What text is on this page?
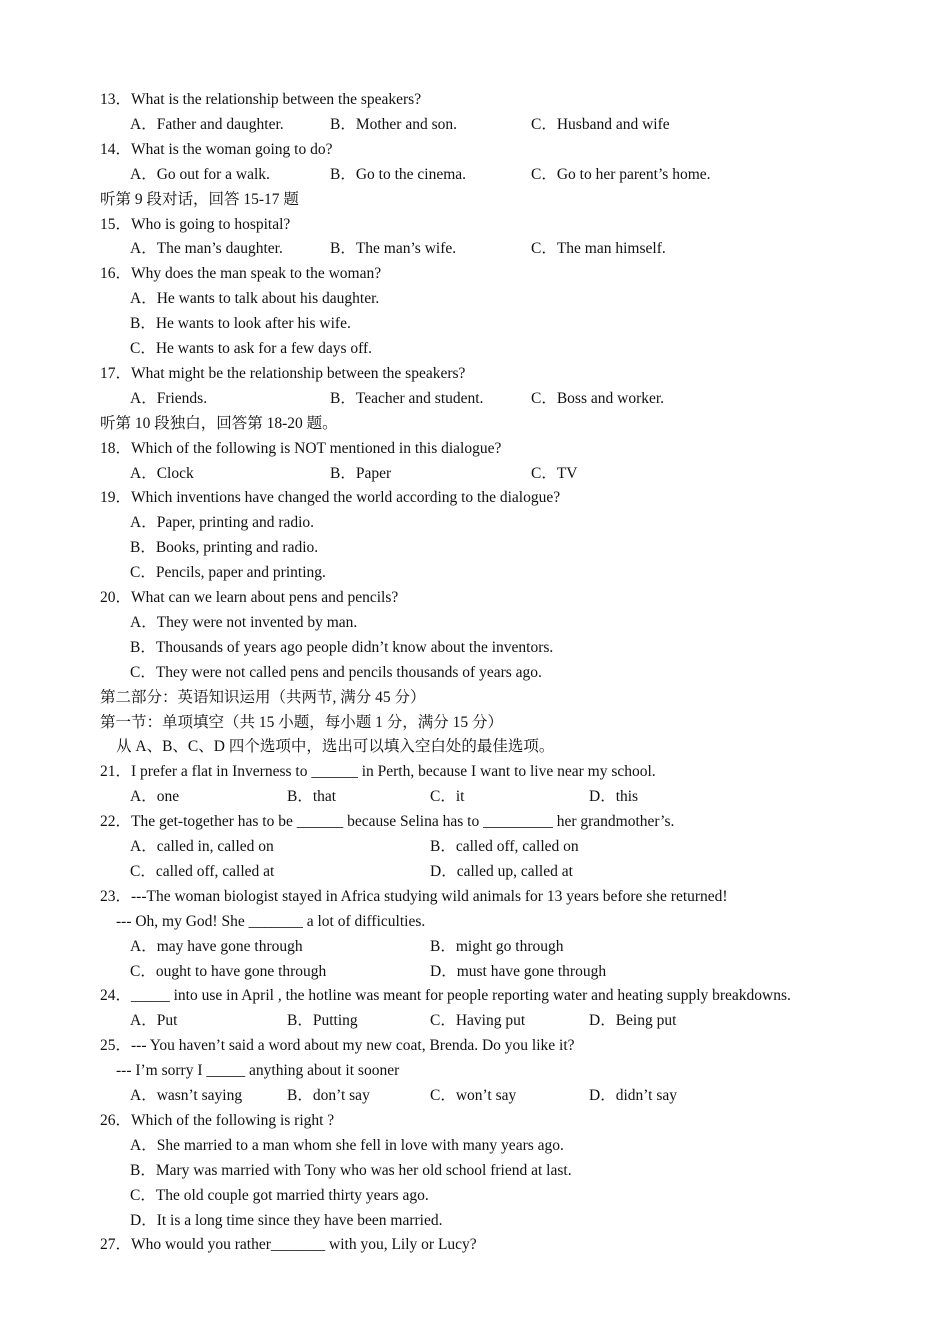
13．What is the relationship between the speakers?
A．Father and daughter.	B．Mother and son.	C．Husband and wife
14．What is the woman going to do?
A．Go out for a walk.	B．Go to the cinema.	C．Go to her parent’s home.
听第 9 段对话，回答 15-17 题
15．Who is going to hospital?
A．The man’s daughter.	B．The man’s wife.	C．The man himself.
16．Why does the man speak to the woman?
A．He wants to talk about his daughter.
B．He wants to look after his wife.
C．He wants to ask for a few days off.
17．What might be the relationship between the speakers?
A．Friends.	B．Teacher and student.	C．Boss and worker.
听第 10 段独白，回答第 18-20 题。
18．Which of the following is NOT mentioned in this dialogue?
A．Clock	B．Paper	C．TV
19．Which inventions have changed the world according to the dialogue?
A．Paper, printing and radio.
B．Books, printing and radio.
C．Pencils, paper and printing.
20．What can we learn about pens and pencils?
A．They were not invented by man.
B．Thousands of years ago people didn’t know about the inventors.
C．They were not called pens and pencils thousands of years ago.
第二部分：英语知识运用（共两节, 满分 45 分）
第一节：单项填空（共 15 小题，每小题 1 分，满分 15 分）
从 A、B、C、D 四个选项中，选出可以填入空白处的最佳选项。
21．I prefer a flat in Inverness to ______ in Perth, because I want to live near my school.
A．one	B．that	C．it	D．this
22．The get-together has to be ______ because Selina has to _________ her grandmother’s.
A．called in, called on	B．called off, called on
C．called off, called at	D．called up, called at
23．---The woman biologist stayed in Africa studying wild animals for 13 years before she returned!
--- Oh, my God! She _______ a lot of difficulties.
A．may have gone through	B．might go through
C．ought to have gone through	D．must have gone through
24．_____ into use in April , the hotline was meant for people reporting water and heating supply breakdowns.
A．Put	B．Putting	C．Having put	D．Being put
25．--- You haven’t said a word about my new coat, Brenda. Do you like it?
--- I’m sorry I _____ anything about it sooner
A．wasn’t saying	B．don’t say	C．won’t say	D．didn’t say
26．Which of the following is right ?
A．She married to a man whom she fell in love with many years ago.
B．Mary was married with Tony who was her old school friend at last.
C．The old couple got married thirty years ago.
D．It is a long time since they have been married.
27．Who would you rather_______ with you, Lily or Lucy?
